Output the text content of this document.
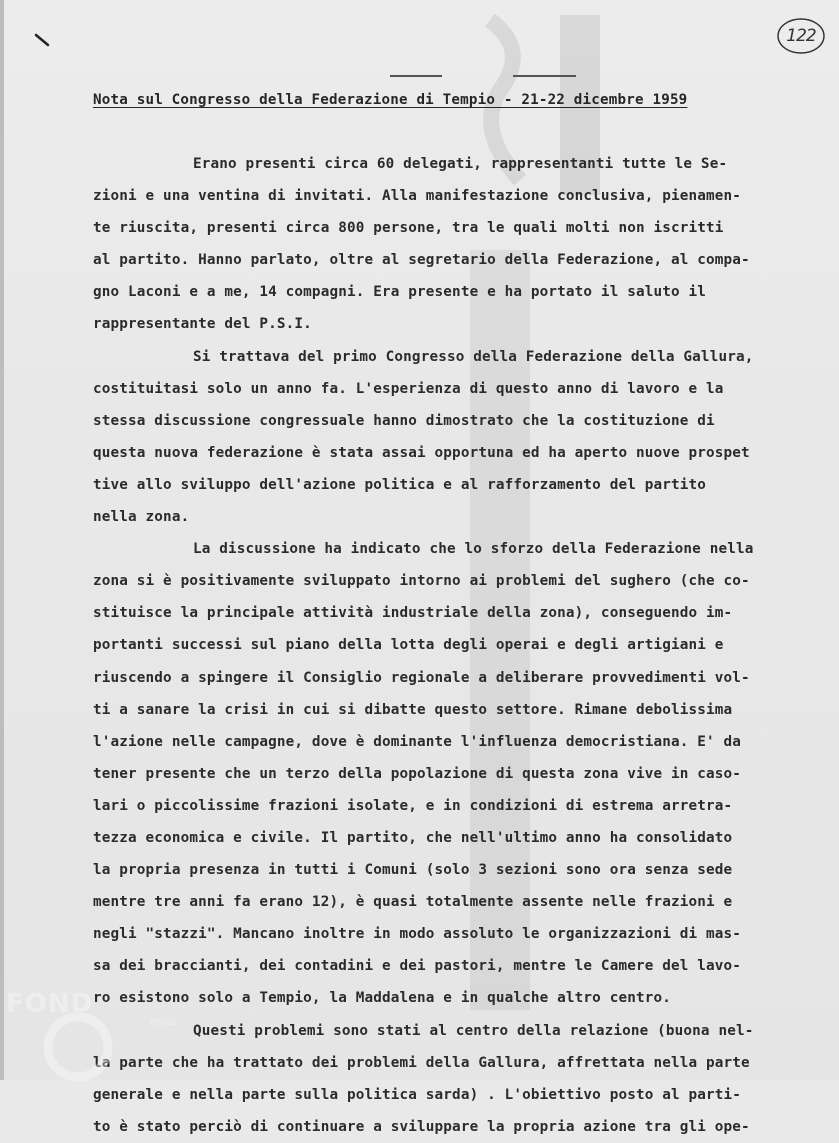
122
Nota sul Congresso della Federazione di Tempio - 21-22 dicembre 1959
Erano presenti circa 60 delegati, rappresentanti tutte le Se-
zioni e una ventina di invitati. Alla manifestazione conclusiva, pienamen-
te riuscita, presenti circa 800 persone, tra le quali molti non iscritti
al partito. Hanno parlato, oltre al segretario della Federazione, al compa-
gno Laconi e a me, 14 compagni. Era presente e ha portato il saluto il
rappresentante del P.S.I.
Si trattava del primo Congresso della Federazione della Gallura,
costituitasi solo un anno fa. L'esperienza di questo anno di lavoro e la
stessa discussione congressuale hanno dimostrato che la costituzione di
questa nuova federazione è stata assai opportuna ed ha aperto nuove prospet
tive allo sviluppo dell'azione politica e al rafforzamento del partito
nella zona.
La discussione ha indicato che lo sforzo della Federazione nella
zona si è positivamente sviluppato intorno ai problemi del sughero (che co-
stituisce la principale attività industriale della zona), conseguendo im-
portanti successi sul piano della lotta degli operai e degli artigiani e
riuscendo a spingere il Consiglio regionale a deliberare provvedimenti vol-
ti a sanare la crisi in cui si dibatte questo settore. Rimane debolissima
l'azione nelle campagne, dove è dominante l'influenza democristiana. E' da
tener presente che un terzo della popolazione di questa zona vive in caso-
lari o piccolissime frazioni isolate, e in condizioni di estrema arretra-
tezza economica e civile. Il partito, che nell'ultimo anno ha consolidato
la propria presenza in tutti i Comuni (solo 3 sezioni sono ora senza sede
mentre tre anni fa erano 12), è quasi totalmente assente nelle frazioni e
negli "stazzi". Mancano inoltre in modo assoluto le organizzazioni di mas-
sa dei braccianti, dei contadini e dei pastori, mentre le Camere del lavo-
ro esistono solo a Tempio, la Maddalena e in qualche altro centro.
Questi problemi sono stati al centro della relazione (buona nel-
la parte che ha trattato dei problemi della Gallura, affrettata nella parte
generale e nella parte sulla politica sarda) . L'obiettivo posto al parti-
to è stato perciò di continuare a sviluppare la propria azione tra gli ope-
FOND
onlus
